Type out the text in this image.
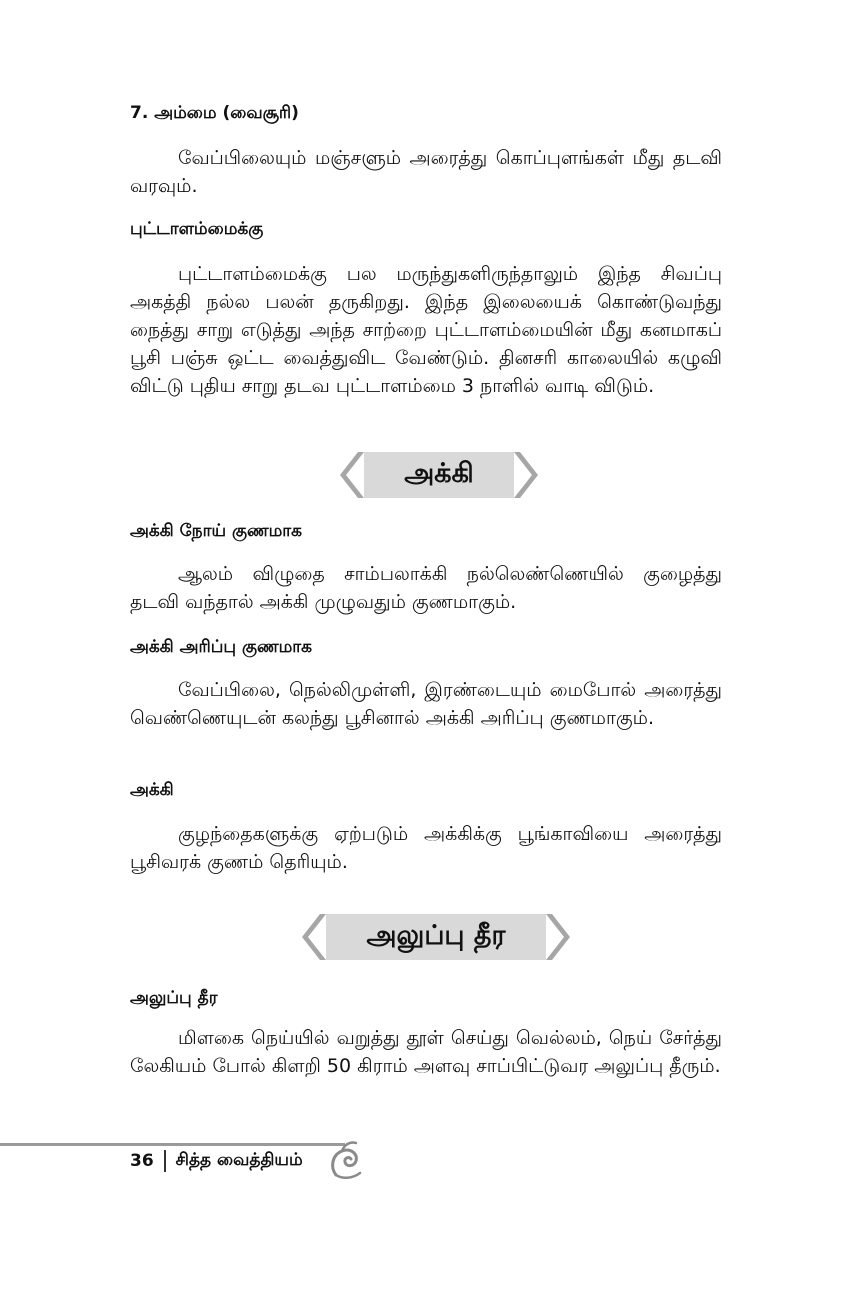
7. அம்மை (வைசூரி)
வேப்பிலையும் மஞ்சளும் அரைத்து கொப்புளங்கள் மீது தடவி வரவும்.
புட்டாளம்மைக்கு
புட்டாளம்மைக்கு பல மருந்துகளிருந்தாலும் இந்த சிவப்பு அகத்தி நல்ல பலன் தருகிறது. இந்த இலையைக் கொண்டுவந்து நைத்து சாறு எடுத்து அந்த சாற்றை புட்டாளம்மையின் மீது கனமாகப் பூசி பஞ்சு ஒட்ட வைத்துவிட வேண்டும். தினசரி காலையில் கழுவி விட்டு புதிய சாறு தடவ புட்டாளம்மை 3 நாளில் வாடி விடும்.
அக்கி
அக்கி நோய் குணமாக
ஆலம் விழுதை சாம்பலாக்கி நல்லெண்ணெயில் குழைத்து தடவி வந்தால் அக்கி முழுவதும் குணமாகும்.
அக்கி அரிப்பு குணமாக
வேப்பிலை, நெல்லிமுள்ளி, இரண்டையும் மைபோல் அரைத்து வெண்ணெயுடன் கலந்து பூசினால் அக்கி அரிப்பு குணமாகும்.
அக்கி
குழந்தைகளுக்கு ஏற்படும் அக்கிக்கு பூங்காவியை அரைத்து பூசிவரக் குணம் தெரியும்.
அலுப்பு தீர
அலுப்பு தீர
மிளகை நெய்யில் வறுத்து தூள் செய்து வெல்லம், நெய் சேர்த்து லேகியம் போல் கிளறி 50 கிராம் அளவு சாப்பிட்டுவர அலுப்பு தீரும்.
36 சித்த வைத்தியம்
